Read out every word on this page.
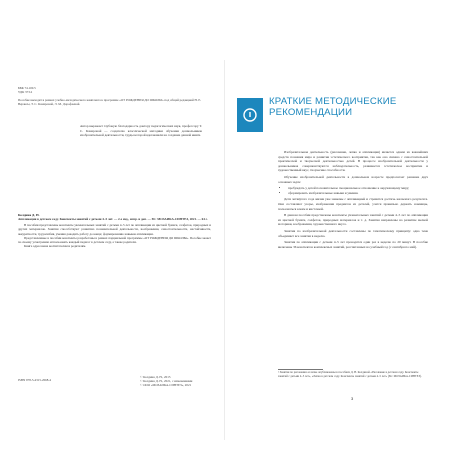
ББК 74.100.5
УДК 373.2

Пособие выходит в рамках учебно-методического комплекта к программе «ОТ РОЖДЕНИЯ ДО ШКОЛЫ» под общей редакцией Н. Е. Вераксы, Т. С. Комаровой, Э. М. Дорофеевой.

Автор выражает глубокую благодарность доктору педагогических наук, профессору Т. С. Комаровой — создателю классической методики обучения дошкольников изобразительной деятельности, труды которой вдохновили на создание данной книги.

Колдина Д. Н.

Аппликация в детском саду. Конспекты занятий с детьми 4–5 лет. — 2-е изд., испр. и доп. — М.: МОЗАИКА-СИНТЕЗ, 2021. — 64 с.

В пособии представлены конспекты увлекательных занятий с детьми 4–5 лет по аппликации из цветной бумаги, салфеток, природных и других материалов. Занятия способствуют развитию познавательной деятельности, воображения, самостоятельности, настойчивости, аккуратности, трудолюбия, умения доводить работу до конца; формированию навыков аппликации.

Представленные в пособии конспекты разработаны в рамках парциальной программы «ОТ РОЖДЕНИЯ ДО ШКОЛЫ». Пособие может по своему усмотрению использовать каждый педагог в детском саду, а также родители.

Книга адресована воспитателям и родителям.

ISBN 978-5-4315-2068-4
© Колдина Д. Н., 2015
© Колдина Д. Н., 2021, с изменениями
© ООО «МОЗАИКА-СИНТЕЗ», 2021
КРАТКИЕ МЕТОДИЧЕСКИЕ РЕКОМЕНДАЦИИ

Изобразительная деятельность (рисование, лепка и аппликация) является одним из важнейших средств познания мира и развития эстетического восприятия, так как она связана с самостоятельной практической и творческой деятельностью детей. В процессе изобразительной деятельности у дошкольников совершенствуются наблюдательность, развивается эстетическое восприятие и художественный вкус, творческие способности.

Обучение изобразительной деятельности в дошкольном возрасте предполагает решение двух основных задач:

• пробуждать у детей положительное эмоциональное отношение к окружающему миру;
• сформировать изобразительные навыки и умения.

Дети четвёртого года жизни уже знакомы с аппликацией и стремятся достичь желаемого результата. Они составляют узоры, изображения предметов из деталей, учатся правильно держать ножницы, пользоваться клеем и кисточкой.

В данном пособии представлены конспекты увлекательных занятий с детьми 4–5 лет по аппликации из цветной бумаги, салфеток, природных материалов и т. д. Занятия направлены на развитие мелкой моторики, воображения, художественного вкуса.

Занятия по изобразительной деятельности составлены по тематическому принципу: одна тема объединяет все занятия в неделю.

Занятия по аппликации с детьми 4–5 лет проводятся один раз в неделю по 20 минут. В пособие включены 36 конспектов комплексных занятий, рассчитанных на учебный год (с сентября по май).

¹ Занятия по рисованию и лепке опубликованы в пособиях Д. Н. Колдиной «Рисование в детском саду. Конспекты занятий с детьми 4–5 лет», «Лепка в детском саду. Конспекты занятий с детьми 4–5 лет» (М.: МОЗАИКА-СИНТЕЗ).

3
